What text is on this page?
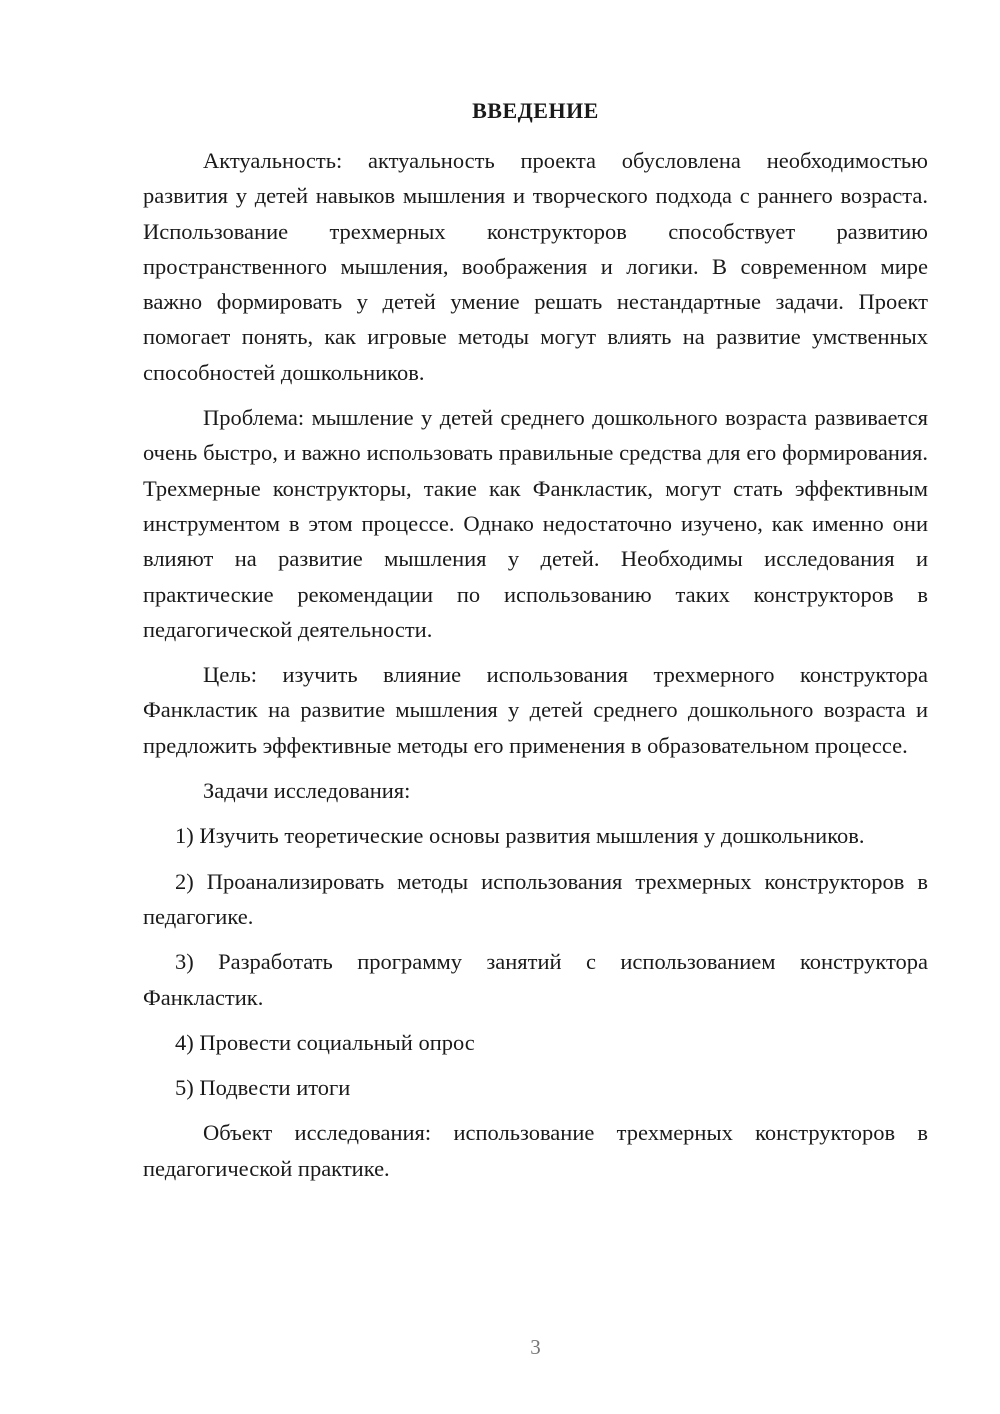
ВВЕДЕНИЕ

Актуальность: актуальность проекта обусловлена необходимостью развития у детей навыков мышления и творческого подхода с раннего возраста. Использование трехмерных конструкторов способствует развитию пространственного мышления, воображения и логики. В современном мире важно формировать у детей умение решать нестандартные задачи. Проект помогает понять, как игровые методы могут влиять на развитие умственных способностей дошкольников.

Проблема: мышление у детей среднего дошкольного возраста развивается очень быстро, и важно использовать правильные средства для его формирования. Трехмерные конструкторы, такие как Фанкластик, могут стать эффективным инструментом в этом процессе. Однако недостаточно изучено, как именно они влияют на развитие мышления у детей. Необходимы исследования и практические рекомендации по использованию таких конструкторов в педагогической деятельности.

Цель: изучить влияние использования трехмерного конструктора Фанкластик на развитие мышления у детей среднего дошкольного возраста и предложить эффективные методы его применения в образовательном процессе.

Задачи исследования:

1) Изучить теоретические основы развития мышления у дошкольников.

2) Проанализировать методы использования трехмерных конструкторов в педагогике.

3) Разработать программу занятий с использованием конструктора Фанкластик.

4) Провести социальный опрос

5) Подвести итоги

Объект исследования: использование трехмерных конструкторов в педагогической практике.

3
